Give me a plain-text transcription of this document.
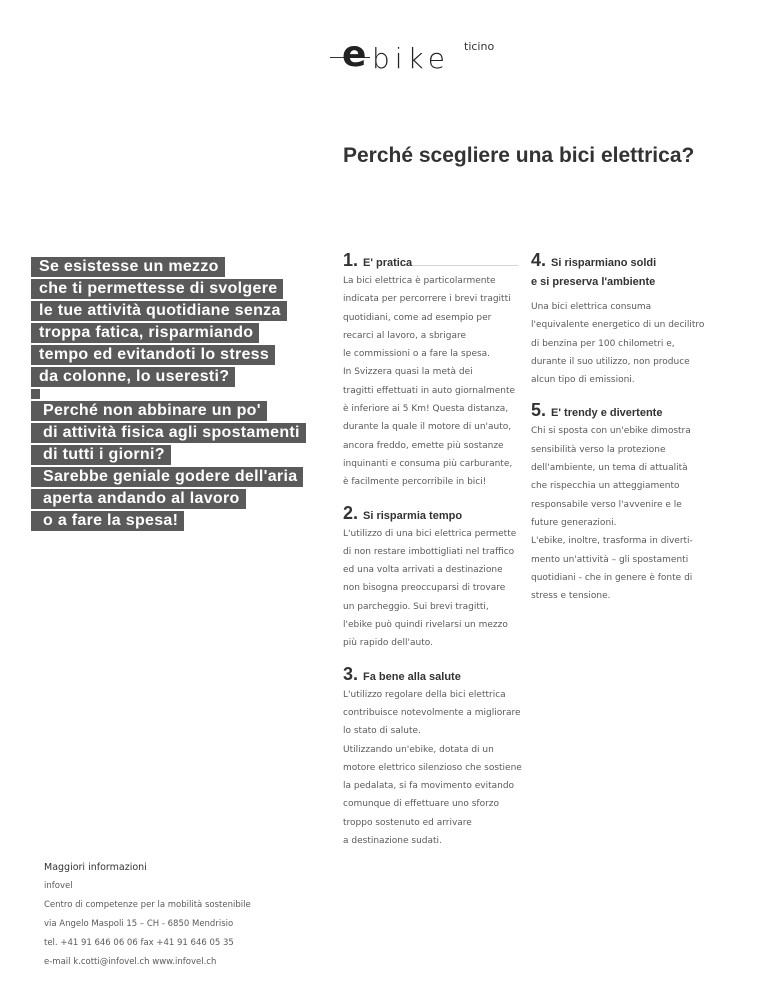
e bike ticino
Perché scegliere una bici elettrica?
Se esistesse un mezzo
che ti permettesse di svolgere
le tue attività quotidiane senza
troppa fatica, risparmiando
tempo ed evitandoti lo stress
da colonne, lo useresti?
Perché non abbinare un po'
di attività fisica agli spostamenti
di tutti i giorni?
Sarebbe geniale godere dell'aria
aperta andando al lavoro
o a fare la spesa!
1. E' pratica

La bici elettrica è particolarmente

indicata per percorrere i brevi tragitti

quotidiani, come ad esempio per

recarci al lavoro, a sbrigare

le commissioni o a fare la spesa.

In Svizzera quasi la metà dei

tragitti effettuati in auto giornalmente

è inferiore ai 5 Km! Questa distanza,

durante la quale il motore di un'auto,

ancora freddo, emette più sostanze

inquinanti e consuma più carburante,

è facilmente percorribile in bici!

2. Si risparmia tempo

L'utilizzo di una bici elettrica permette

di non restare imbottigliati nel traffico

ed una volta arrivati a destinazione

non bisogna preoccuparsi di trovare

un parcheggio. Sui brevi tragitti,

l'ebike può quindi rivelarsi un mezzo

più rapido dell'auto.

3. Fa bene alla salute

L'utilizzo regolare della bici elettrica

contribuisce notevolmente a migliorare

lo stato di salute.

Utilizzando un'ebike, dotata di un

motore elettrico silenzioso che sostiene

la pedalata, si fa movimento evitando

comunque di effettuare uno sforzo

troppo sostenuto ed arrivare

a destinazione sudati.

4. Si risparmiano soldi

e si preserva l'ambiente

Una bici elettrica consuma

l'equivalente energetico di un decilitro

di benzina per 100 chilometri e,

durante il suo utilizzo, non produce

alcun tipo di emissioni.

5. E' trendy e divertente

Chi si sposta con un'ebike dimostra

sensibilità verso la protezione

dell'ambiente, un tema di attualità

che rispecchia un atteggiamento

responsabile verso l'avvenire e le

future generazioni.

L'ebike, inoltre, trasforma in diverti-

mento un'attività – gli spostamenti

quotidiani - che in genere è fonte di

stress e tensione.

Maggiori informazioni

infovel

Centro di competenze per la mobilità sostenibile

via Angelo Maspoli 15 – CH - 6850 Mendrisio

tel. +41 91 646 06 06 fax +41 91 646 05 35

e-mail k.cotti@infovel.ch www.infovel.ch
